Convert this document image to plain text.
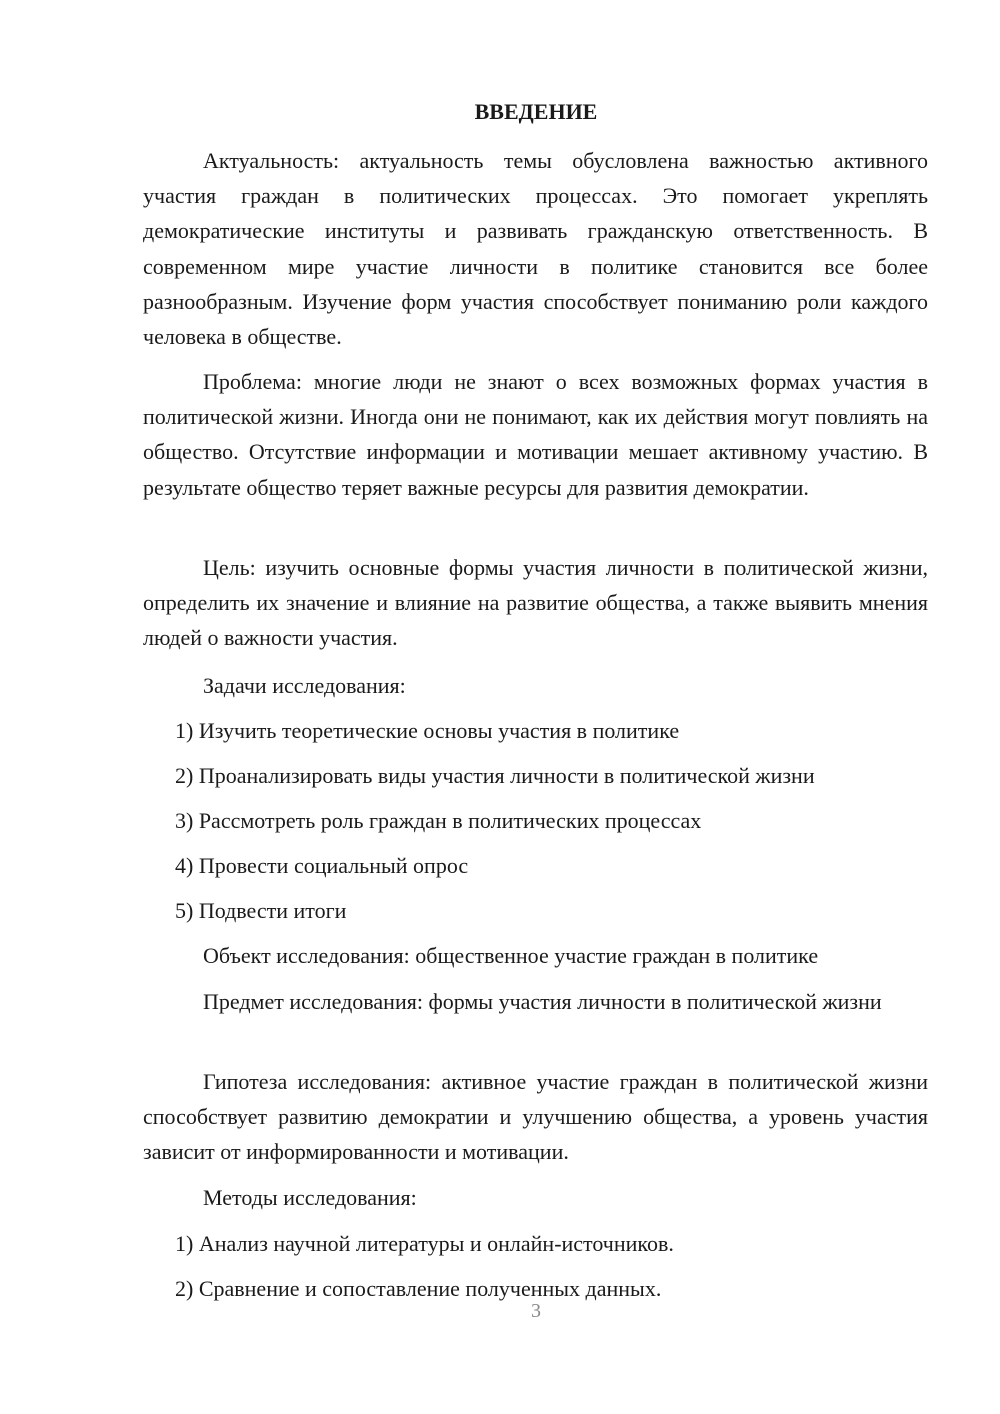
ВВЕДЕНИЕ

Актуальность: актуальность темы обусловлена важностью активного участия граждан в политических процессах. Это помогает укреплять демократические институты и развивать гражданскую ответственность. В современном мире участие личности в политике становится все более разнообразным. Изучение форм участия способствует пониманию роли каждого человека в обществе.

Проблема: многие люди не знают о всех возможных формах участия в политической жизни. Иногда они не понимают, как их действия могут повлиять на общество. Отсутствие информации и мотивации мешает активному участию. В результате общество теряет важные ресурсы для развития демократии.

Цель: изучить основные формы участия личности в политической жизни, определить их значение и влияние на развитие общества, а также выявить мнения людей о важности участия.

Задачи исследования:

1) Изучить теоретические основы участия в политике

2) Проанализировать виды участия личности в политической жизни

3) Рассмотреть роль граждан в политических процессах

4) Провести социальный опрос

5) Подвести итоги

Объект исследования: общественное участие граждан в политике

Предмет исследования: формы участия личности в политической жизни

Гипотеза исследования: активное участие граждан в политической жизни способствует развитию демократии и улучшению общества, а уровень участия зависит от информированности и мотивации.

Методы исследования:

1) Анализ научной литературы и онлайн-источников.

2) Сравнение и сопоставление полученных данных.

3
